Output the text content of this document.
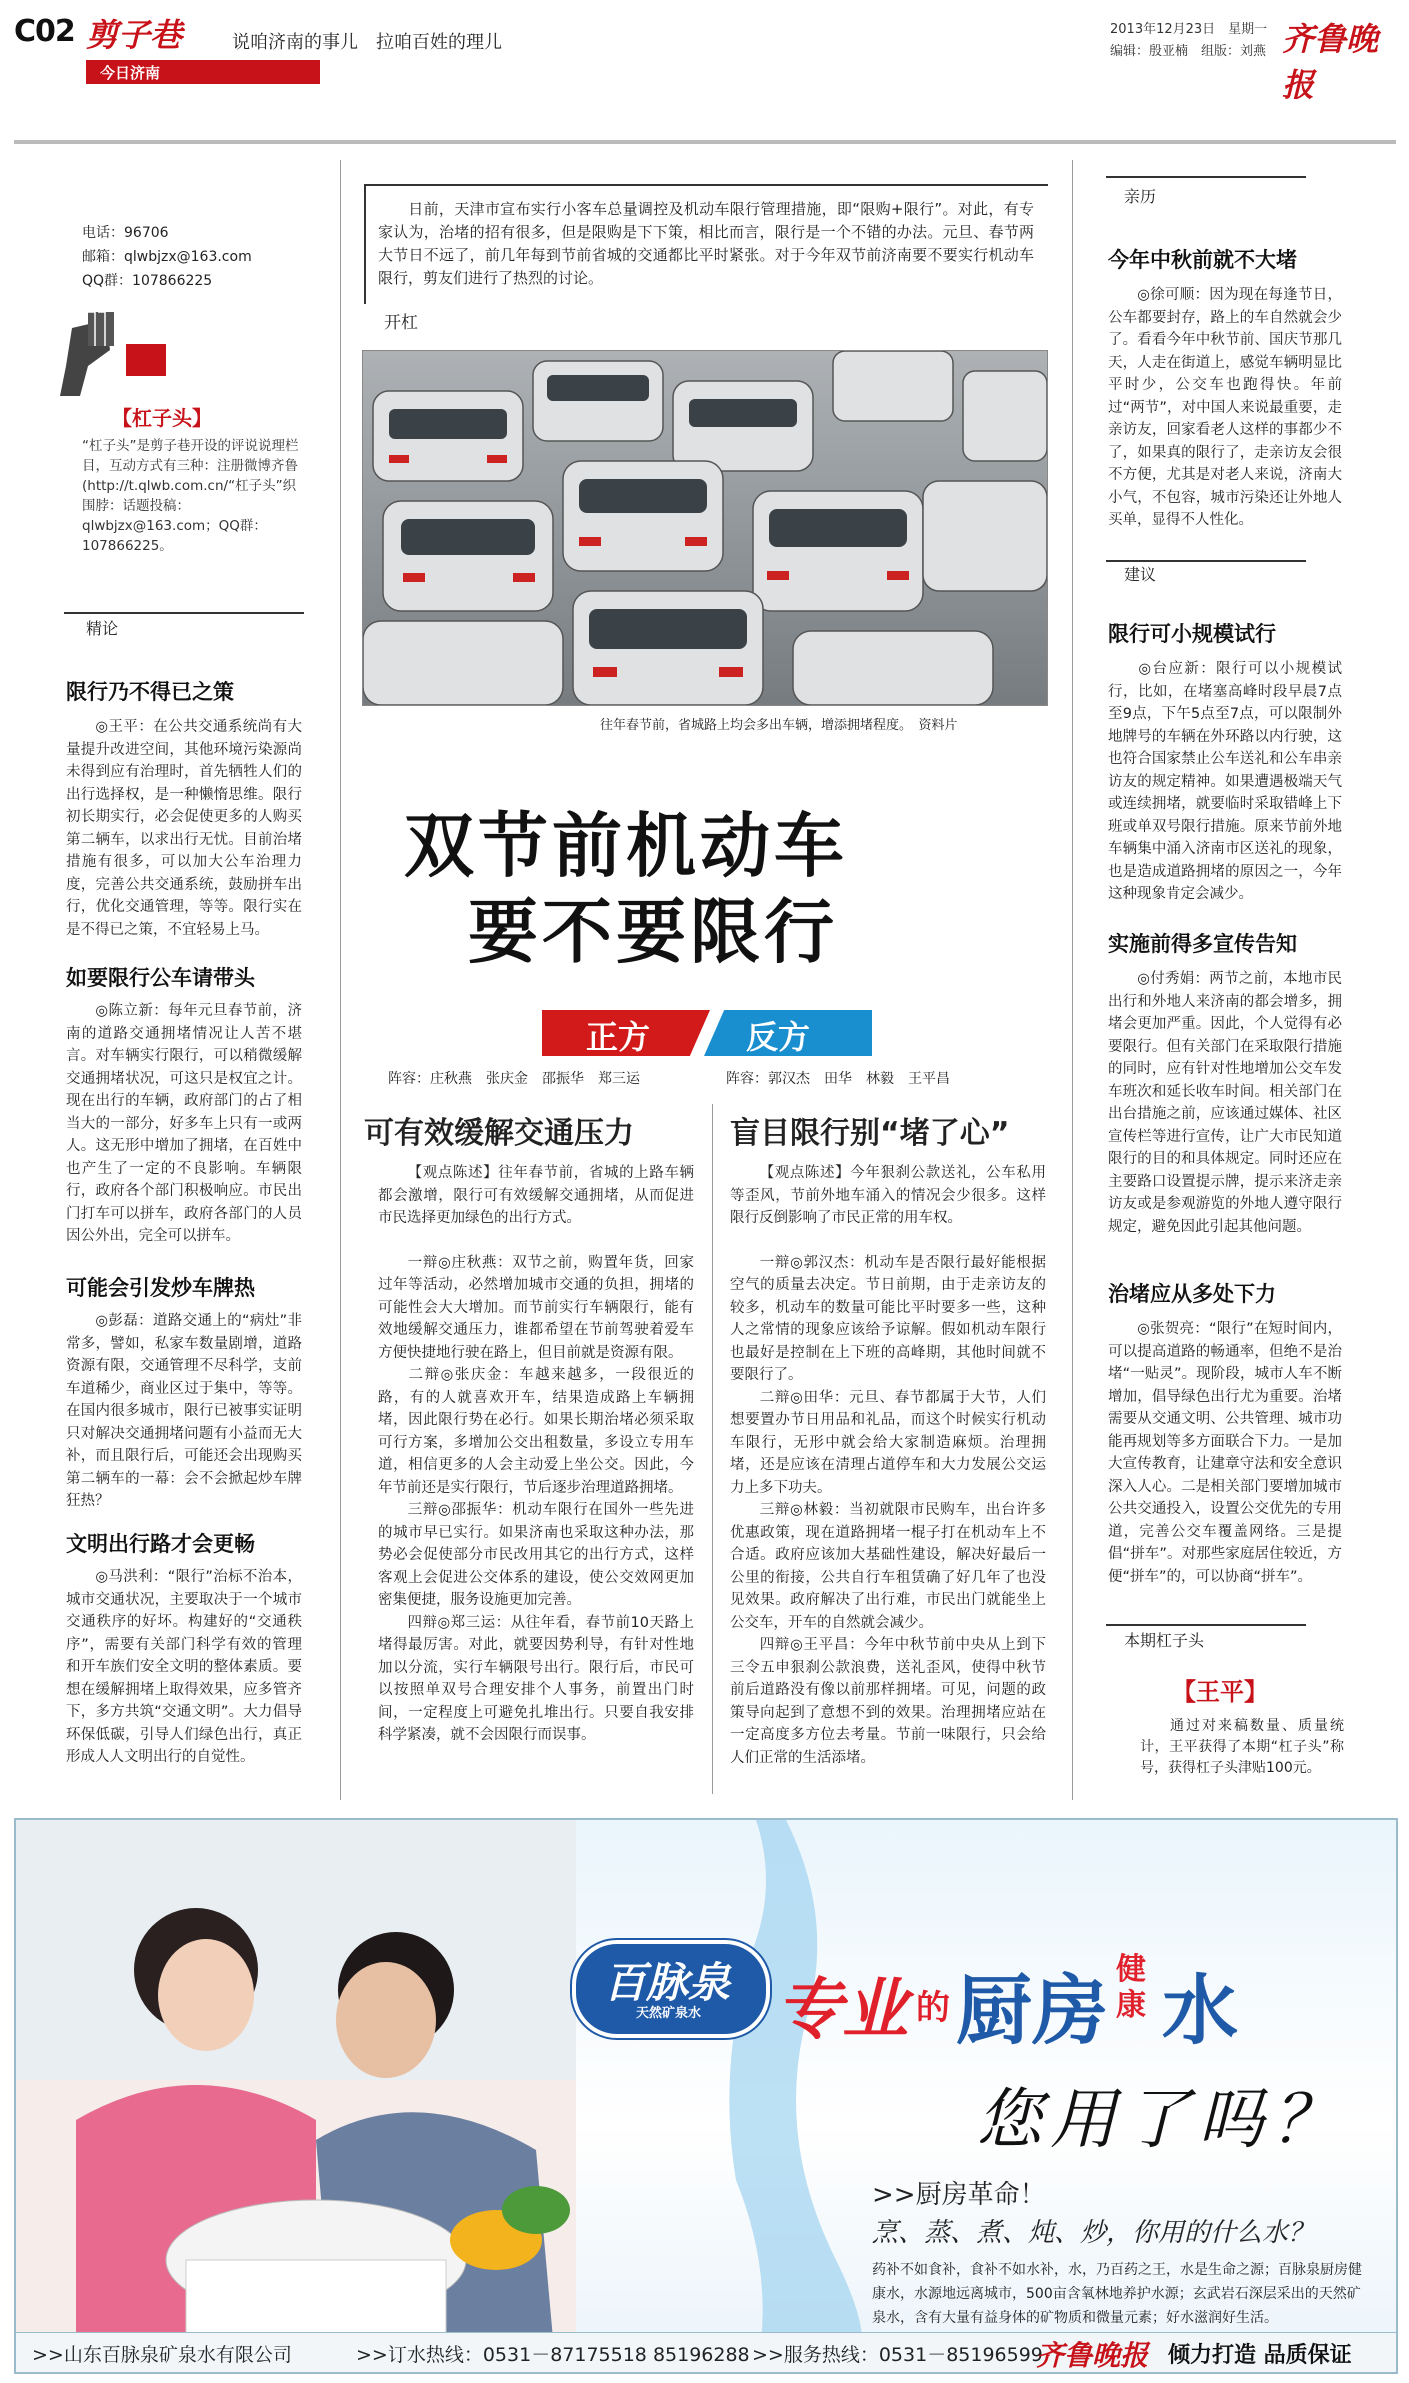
C02 剪子巷	说咱济南的事儿　拉咱百姓的理儿
今日济南
2013年12月23日　星期一
编辑：殷亚楠　组版：刘燕 齐鲁晚报
电话：96706
邮箱：qlwbjzx@163.com
QQ群：107866225
【杠子头】
“杠子头”是剪子巷开设的评说说理栏目，互动方式有三种：注册微博齐鲁(http://t.qlwb.com.cn/“杠子头”织围脖：话题投稿：qlwbjzx@163.com；QQ群：107866225。
精论
限行乃不得已之策

◎王平：在公共交通系统尚有大量提升改进空间，其他环境污染源尚未得到应有治理时，首先牺牲人们的出行选择权，是一种懒惰思维。限行初长期实行，必会促使更多的人购买第二辆车，以求出行无忧。目前治堵措施有很多，可以加大公车治理力度，完善公共交通系统，鼓励拼车出行，优化交通管理，等等。限行实在是不得已之策，不宜轻易上马。

如要限行公车请带头

◎陈立新：每年元旦春节前，济南的道路交通拥堵情况让人苦不堪言。对车辆实行限行，可以稍微缓解交通拥堵状况，可这只是权宜之计。现在出行的车辆，政府部门的占了相当大的一部分，好多车上只有一或两人。这无形中增加了拥堵，在百姓中也产生了一定的不良影响。车辆限行，政府各个部门积极响应。市民出门打车可以拼车，政府各部门的人员因公外出，完全可以拼车。

可能会引发炒车牌热

◎彭磊：道路交通上的“病灶”非常多，譬如，私家车数量剧增，道路资源有限，交通管理不尽科学，支前车道稀少，商业区过于集中，等等。在国内很多城市，限行已被事实证明只对解决交通拥堵问题有小益而无大补，而且限行后，可能还会出现购买第二辆车的一幕：会不会掀起炒车牌狂热？

文明出行路才会更畅

◎马洪利：“限行”治标不治本，城市交通状况，主要取决于一个城市交通秩序的好坏。构建好的“交通秩序”，需要有关部门科学有效的管理和开车族们安全文明的整体素质。要想在缓解拥堵上取得效果，应多管齐下，多方共筑“交通文明”。大力倡导环保低碳，引导人们绿色出行，真正形成人人文明出行的自觉性。

日前，天津市宣布实行小客车总量调控及机动车限行管理措施，即“限购+限行”。对此，有专家认为，治堵的招有很多，但是限购是下下策，相比而言，限行是一个不错的办法。元旦、春节两大节日不远了，前几年每到节前省城的交通都比平时紧张。对于今年双节前济南要不要实行机动车限行，剪友们进行了热烈的讨论。

开杠
往年春节前，省城路上均会多出车辆，增添拥堵程度。　资料片
双节前机动车
要不要限行
正方	反方
阵容：庄秋燕　张庆金　邵振华　郑三运	阵容：郭汉杰　田华　林毅　王平昌
可有效缓解交通压力	盲目限行别“堵了心”

【观点陈述】往年春节前，省城的上路车辆都会激增，限行可有效缓解交通拥堵，从而促进市民选择更加绿色的出行方式。

一辩◎庄秋燕：双节之前，购置年货，回家过年等活动，必然增加城市交通的负担，拥堵的可能性会大大增加。而节前实行车辆限行，能有效地缓解交通压力，谁都希望在节前驾驶着爱车方便快捷地行驶在路上，但目前就是资源有限。

二辩◎张庆金：车越来越多，一段很近的路，有的人就喜欢开车，结果造成路上车辆拥堵，因此限行势在必行。如果长期治堵必须采取可行方案，多增加公交出租数量，多设立专用车道，相信更多的人会主动爱上坐公交。因此，今年节前还是实行限行，节后逐步治理道路拥堵。

三辩◎邵振华：机动车限行在国外一些先进的城市早已实行。如果济南也采取这种办法，那势必会促使部分市民改用其它的出行方式，这样客观上会促进公交体系的建设，使公交效网更加密集便捷，服务设施更加完善。

四辩◎郑三运：从往年看，春节前10天路上堵得最厉害。对此，就要因势利导，有针对性地加以分流，实行车辆限号出行。限行后，市民可以按照单双号合理安排个人事务，前置出门时间，一定程度上可避免扎堆出行。只要自我安排科学紧凑，就不会因限行而误事。

【观点陈述】今年狠刹公款送礼，公车私用等歪风，节前外地车涌入的情况会少很多。这样限行反倒影响了市民正常的用车权。

一辩◎郭汉杰：机动车是否限行最好能根据空气的质量去决定。节日前期，由于走亲访友的较多，机动车的数量可能比平时要多一些，这种人之常情的现象应该给予谅解。假如机动车限行也最好是控制在上下班的高峰期，其他时间就不要限行了。

二辩◎田华：元旦、春节都属于大节，人们想要置办节日用品和礼品，而这个时候实行机动车限行，无形中就会给大家制造麻烦。治理拥堵，还是应该在清理占道停车和大力发展公交运力上多下功夫。

三辩◎林毅：当初就限市民购车，出台许多优惠政策，现在道路拥堵一棍子打在机动车上不合适。政府应该加大基础性建设，解决好最后一公里的衔接，公共自行车租赁确了好几年了也没见效果。政府解决了出行难，市民出门就能坐上公交车，开车的自然就会减少。

四辩◎王平昌：今年中秋节前中央从上到下三令五申狠刹公款浪费，送礼歪风，使得中秋节前后道路没有像以前那样拥堵。可见，问题的政策导向起到了意想不到的效果。治理拥堵应站在一定高度多方位去考量。节前一味限行，只会给人们正常的生活添堵。

亲历
今年中秋前就不大堵

◎徐可顺：因为现在每逢节日，公车都要封存，路上的车自然就会少了。看看今年中秋节前、国庆节那几天，人走在街道上，感觉车辆明显比平时少，公交车也跑得快。年前过“两节”，对中国人来说最重要，走亲访友，回家看老人这样的事都少不了，如果真的限行了，走亲访友会很不方便，尤其是对老人来说，济南大小气，不包容，城市污染还让外地人买单，显得不人性化。

建议
限行可小规模试行

◎台应新：限行可以小规模试行，比如，在堵塞高峰时段早晨7点至9点，下午5点至7点，可以限制外地牌号的车辆在外环路以内行驶，这也符合国家禁止公车送礼和公车串亲访友的规定精神。如果遭遇极端天气或连续拥堵，就要临时采取错峰上下班或单双号限行措施。原来节前外地车辆集中涌入济南市区送礼的现象，也是造成道路拥堵的原因之一，今年这种现象肯定会减少。

实施前得多宣传告知

◎付秀娟：两节之前，本地市民出行和外地人来济南的都会增多，拥堵会更加严重。因此，个人觉得有必要限行。但有关部门在采取限行措施的同时，应有针对性地增加公交车发车班次和延长收车时间。相关部门在出台措施之前，应该通过媒体、社区宣传栏等进行宣传，让广大市民知道限行的目的和具体规定。同时还应在主要路口设置提示牌，提示来济走亲访友或是参观游览的外地人遵守限行规定，避免因此引起其他问题。

治堵应从多处下力

◎张贺亮：“限行”在短时间内，可以提高道路的畅通率，但绝不是治堵“一贴灵”。现阶段，城市人车不断增加，倡导绿色出行尤为重要。治堵需要从交通文明、公共管理、城市功能再规划等多方面联合下力。一是加大宣传教育，让建章守法和安全意识深入人心。二是相关部门要增加城市公共交通投入，设置公交优先的专用道，完善公交车覆盖网络。三是提倡“拼车”。对那些家庭居住较近，方便“拼车”的，可以协商“拼车”。

本期杠子头
【王平】

通过对来稿数量、质量统计，王平获得了本期“杠子头”称号，获得杠子头津贴100元。

百脉泉
天然矿泉水 专业 的 厨房 健康 水
您用了吗？
>>厨房革命！
烹、蒸、煮、炖、炒，你用的什么水？
药补不如食补，食补不如水补，水，乃百药之王，水是生命之源；百脉泉厨房健康水，水源地远离城市，500亩含氧林地养护水源；玄武岩石深层采出的天然矿泉水，含有大量有益身体的矿物质和微量元素；好水滋润好生活。
>>山东百脉泉矿泉水有限公司	>>订水热线：0531－87175518 85196288 >>服务热线：0531－85196599
齐鲁晚报 倾力打造 品质保证
